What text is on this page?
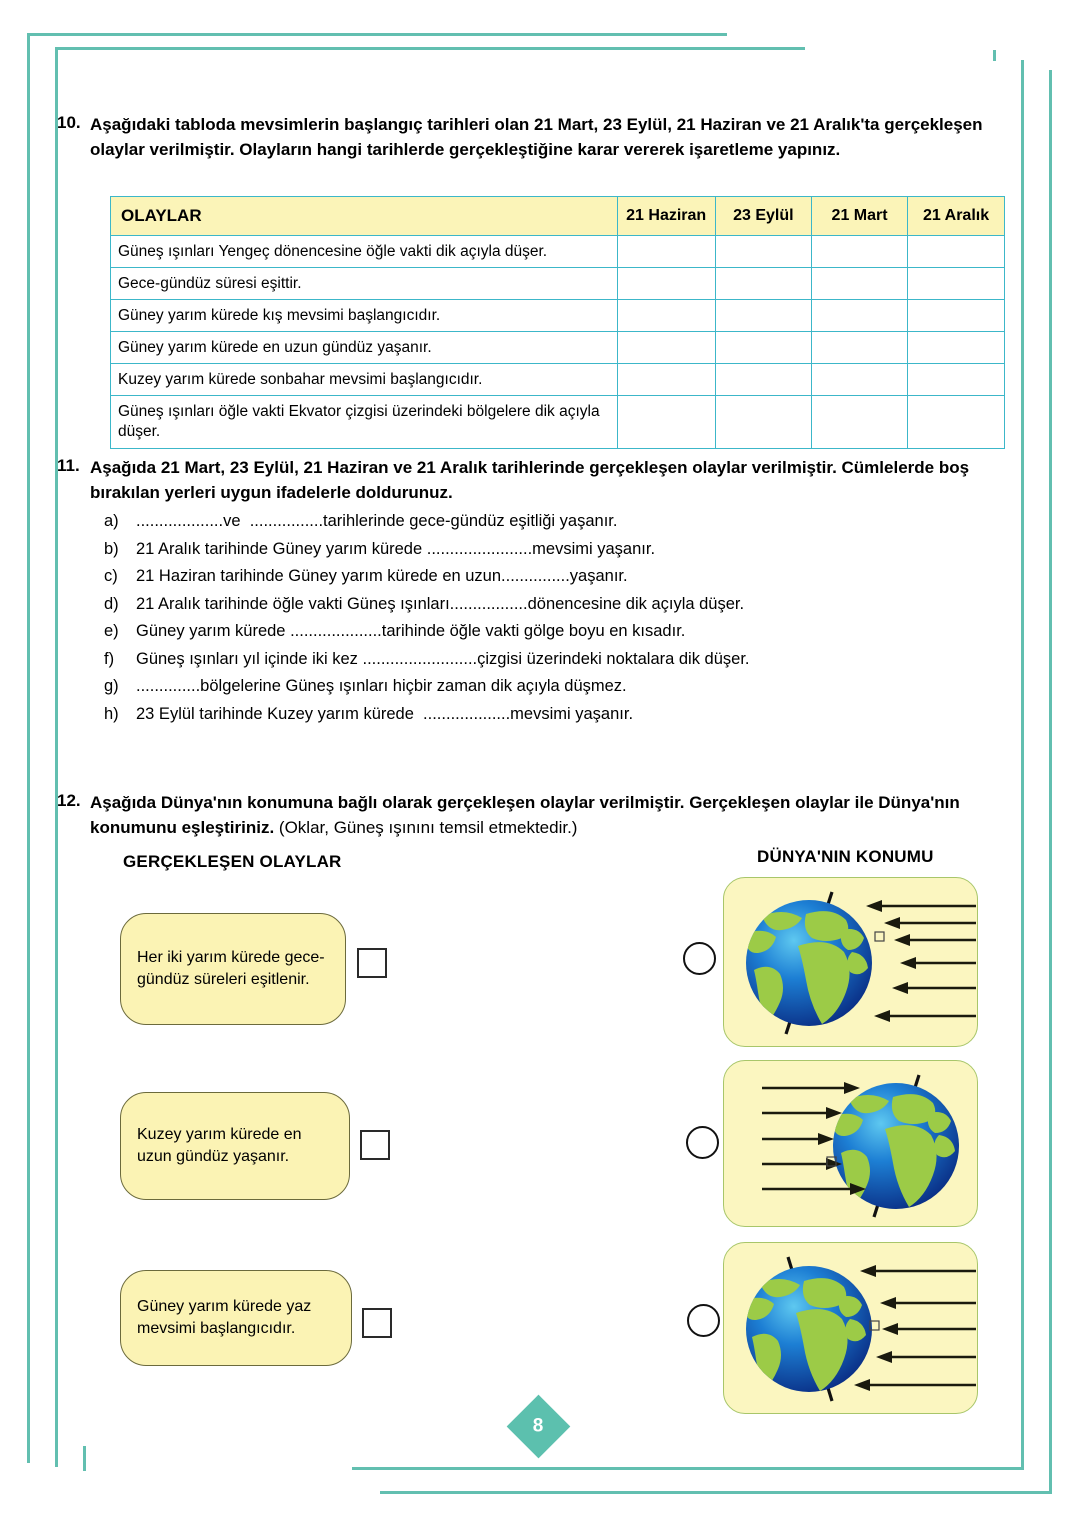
10. Aşağıdaki tabloda mevsimlerin başlangıç tarihleri olan 21 Mart, 23 Eylül, 21 Haziran ve 21 Aralık'ta gerçekleşen olaylar verilmiştir. Olayların hangi tarihlerde gerçekleştiğine karar vererek işaretleme yapınız.
OLAYLAR	21 Haziran	23 Eylül	21 Mart	21 Aralık
Güneş ışınları Yengeç dönencesine öğle vakti dik açıyla düşer.				
Gece-gündüz süresi eşittir.				
Güney yarım kürede kış mevsimi başlangıcıdır.				
Güney yarım kürede en uzun gündüz yaşanır.				
Kuzey yarım kürede sonbahar mevsimi başlangıcıdır.				
Güneş ışınları öğle vakti Ekvator çizgisi üzerindeki bölgelere dik açıyla düşer.				
11. Aşağıda 21 Mart, 23 Eylül, 21 Haziran ve 21 Aralık tarihlerinde gerçekleşen olaylar verilmiştir. Cümlelerde boş bırakılan yerleri uygun ifadelerle doldurunuz.
a)	...................ve  ................tarihlerinde gece-gündüz eşitliği yaşanır.
b)	21 Aralık tarihinde Güney yarım kürede .......................mevsimi yaşanır.
c)	21 Haziran tarihinde Güney yarım kürede en uzun...............yaşanır.
d)	21 Aralık tarihinde öğle vakti Güneş ışınları.................dönencesine dik açıyla düşer.
e)	Güney yarım kürede ....................tarihinde öğle vakti gölge boyu en kısadır.
f)	Güneş ışınları yıl içinde iki kez .........................çizgisi üzerindeki noktalara dik düşer.
g)	..............bölgelerine Güneş ışınları hiçbir zaman dik açıyla düşmez.
h)	23 Eylül tarihinde Kuzey yarım kürede  ...................mevsimi yaşanır.
12. Aşağıda Dünya'nın konumuna bağlı olarak gerçekleşen olaylar verilmiştir. Gerçekleşen olaylar ile Dünya'nın konumunu eşleştiriniz. (Oklar, Güneş ışınını temsil etmektedir.)
GERÇEKLEŞEN OLAYLAR	DÜNYA'NIN KONUMU
Her iki yarım kürede gece-gündüz süreleri eşitlenir.
Kuzey yarım kürede en uzun gündüz yaşanır.
Güney yarım kürede yaz mevsimi başlangıcıdır.
8
